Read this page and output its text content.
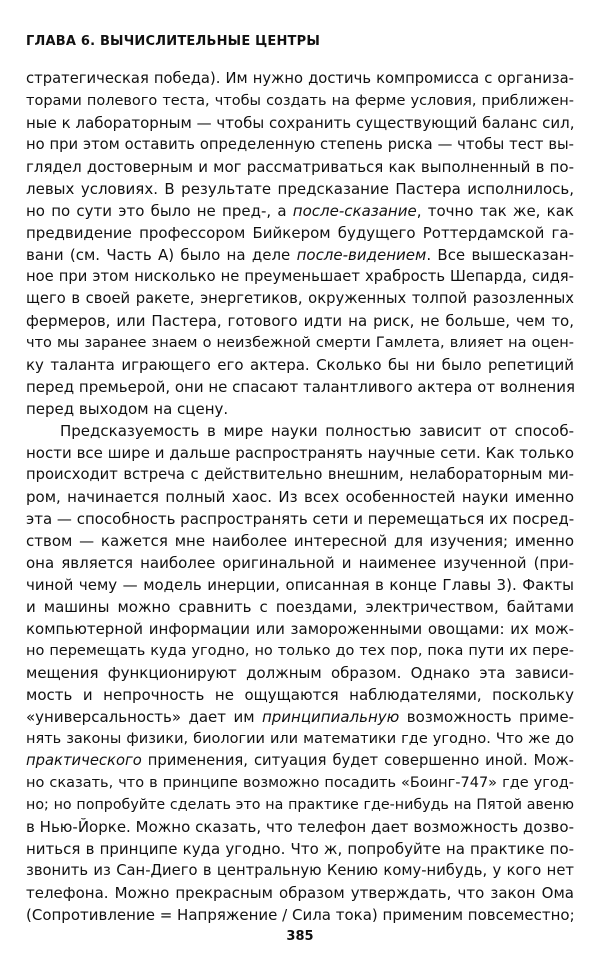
ГЛАВА 6. ВЫЧИСЛИТЕЛЬНЫЕ ЦЕНТРЫ
стратегическая победа). Им нужно достичь компромисса с организа-
торами полевого теста, чтобы создать на ферме условия, приближен-
ные к лабораторным — чтобы сохранить существующий баланс сил,
но при этом оставить определенную степень риска — чтобы тест вы-
глядел достоверным и мог рассматриваться как выполненный в по-
левых условиях. В результате предсказание Пастера исполнилось,
но по сути это было не пред-, а после-сказание, точно так же, как
предвидение профессором Бийкером будущего Роттердамской га-
вани (см. Часть А) было на деле после-видением. Все вышесказан-
ное при этом нисколько не преуменьшает храбрость Шепарда, сидя-
щего в своей ракете, энергетиков, окруженных толпой разозленных
фермеров, или Пастера, готового идти на риск, не больше, чем то,
что мы заранее знаем о неизбежной смерти Гамлета, влияет на оцен-
ку таланта играющего его актера. Сколько бы ни было репетиций
перед премьерой, они не спасают талантливого актера от волнения
перед выходом на сцену.
Предсказуемость в мире науки полностью зависит от способ-
ности все шире и дальше распространять научные сети. Как только
происходит встреча с действительно внешним, нелабораторным ми-
ром, начинается полный хаос. Из всех особенностей науки именно
эта — способность распространять сети и перемещаться их посред-
ством — кажется мне наиболее интересной для изучения; именно
она является наиболее оригинальной и наименее изученной (при-
чиной чему — модель инерции, описанная в конце Главы 3). Факты
и машины можно сравнить с поездами, электричеством, байтами
компьютерной информации или замороженными овощами: их мож-
но перемещать куда угодно, но только до тех пор, пока пути их пере-
мещения функционируют должным образом. Однако эта зависи-
мость и непрочность не ощущаются наблюдателями, поскольку
«универсальность» дает им принципиальную возможность приме-
нять законы физики, биологии или математики где угодно. Что же до
практического применения, ситуация будет совершенно иной. Мож-
но сказать, что в принципе возможно посадить «Боинг-747» где угод-
но; но попробуйте сделать это на практике где-нибудь на Пятой авеню
в Нью-Йорке. Можно сказать, что телефон дает возможность дозво-
ниться в принципе куда угодно. Что ж, попробуйте на практике по-
звонить из Сан-Диего в центральную Кению кому-нибудь, у кого нет
телефона. Можно прекрасным образом утверждать, что закон Ома
(Сопротивление = Напряжение / Сила тока) применим повсеместно;
385
